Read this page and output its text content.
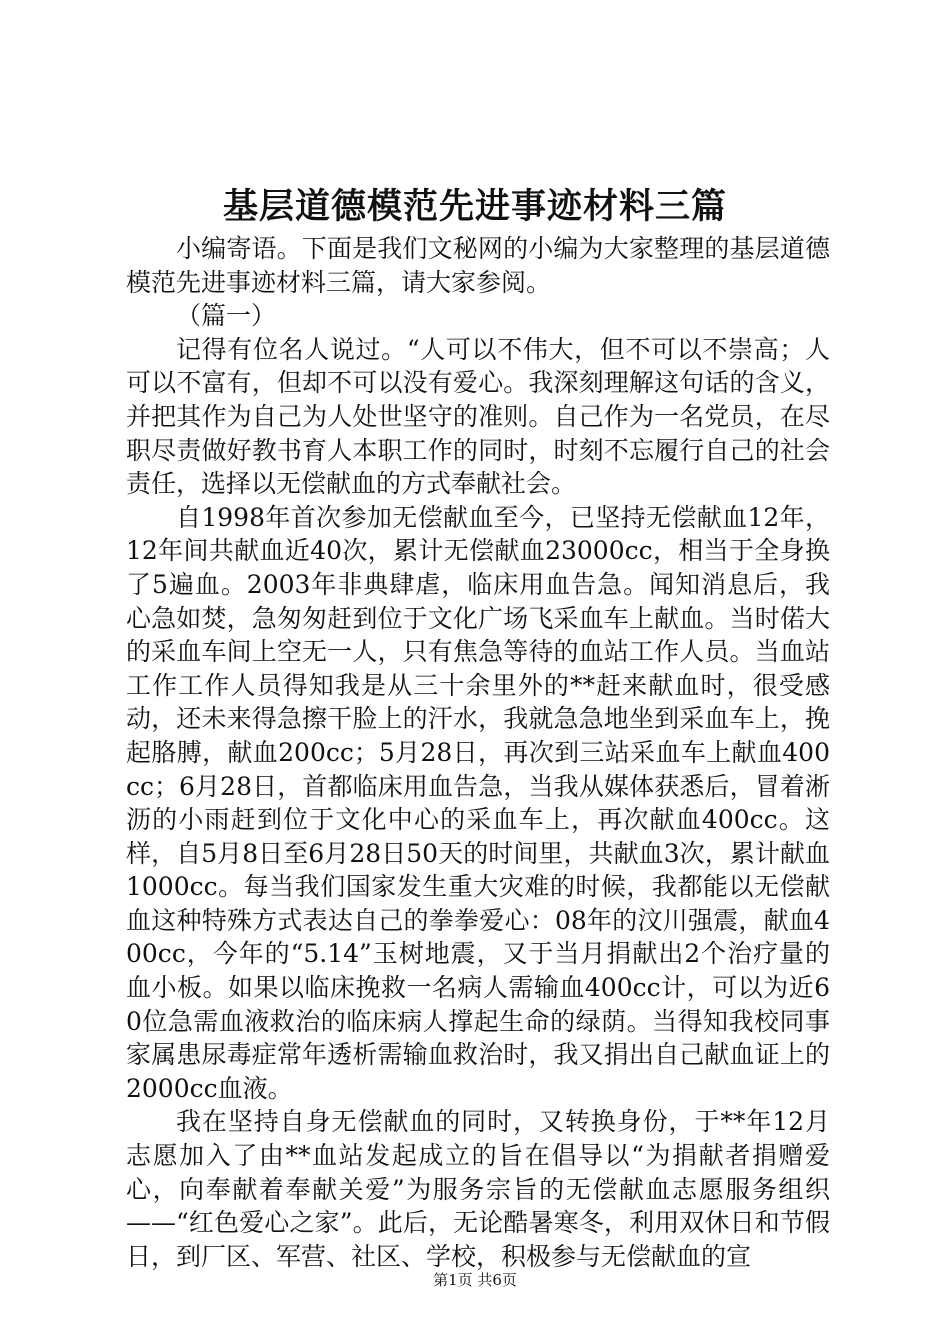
基层道德模范先进事迹材料三篇

小编寄语。下面是我们文秘网的小编为大家整理的基层道德模范先进事迹材料三篇，请大家参阅。

（篇一）

记得有位名人说过。“人可以不伟大，但不可以不崇高；人可以不富有，但却不可以没有爱心。我深刻理解这句话的含义，并把其作为自己为人处世坚守的准则。自己作为一名党员，在尽职尽责做好教书育人本职工作的同时，时刻不忘履行自己的社会责任，选择以无偿献血的方式奉献社会。

自1998年首次参加无偿献血至今，已坚持无偿献血12年，12年间共献血近40次，累计无偿献血23000cc，相当于全身换了5遍血。2003年非典肆虐，临床用血告急。闻知消息后，我心急如焚，急匆匆赶到位于文化广场飞采血车上献血。当时偌大的采血车间上空无一人，只有焦急等待的血站工作人员。当血站工作工作人员得知我是从三十余里外的**赶来献血时，很受感动，还未来得急擦干脸上的汗水，我就急急地坐到采血车上，挽起胳膊，献血200cc；5月28日，再次到三站采血车上献血400cc；6月28日，首都临床用血告急，当我从媒体获悉后，冒着淅沥的小雨赶到位于文化中心的采血车上，再次献血400cc。这样，自5月8日至6月28日50天的时间里，共献血3次，累计献血1000cc。每当我们国家发生重大灾难的时候，我都能以无偿献血这种特殊方式表达自己的拳拳爱心：08年的汶川强震，献血400cc，今年的“5.14”玉树地震，又于当月捐献出2个治疗量的血小板。如果以临床挽救一名病人需输血400cc计，可以为近60位急需血液救治的临床病人撑起生命的绿荫。当得知我校同事家属患尿毒症常年透析需输血救治时，我又捐出自己献血证上的2000cc血液。

我在坚持自身无偿献血的同时，又转换身份，于**年12月志愿加入了由**血站发起成立的旨在倡导以“为捐献者捐赠爱心，向奉献着奉献关爱”为服务宗旨的无偿献血志愿服务组织——“红色爱心之家”。此后，无论酷暑寒冬，利用双休日和节假日，到厂区、军营、社区、学校，积极参与无偿献血的宣

第1页 共6页
